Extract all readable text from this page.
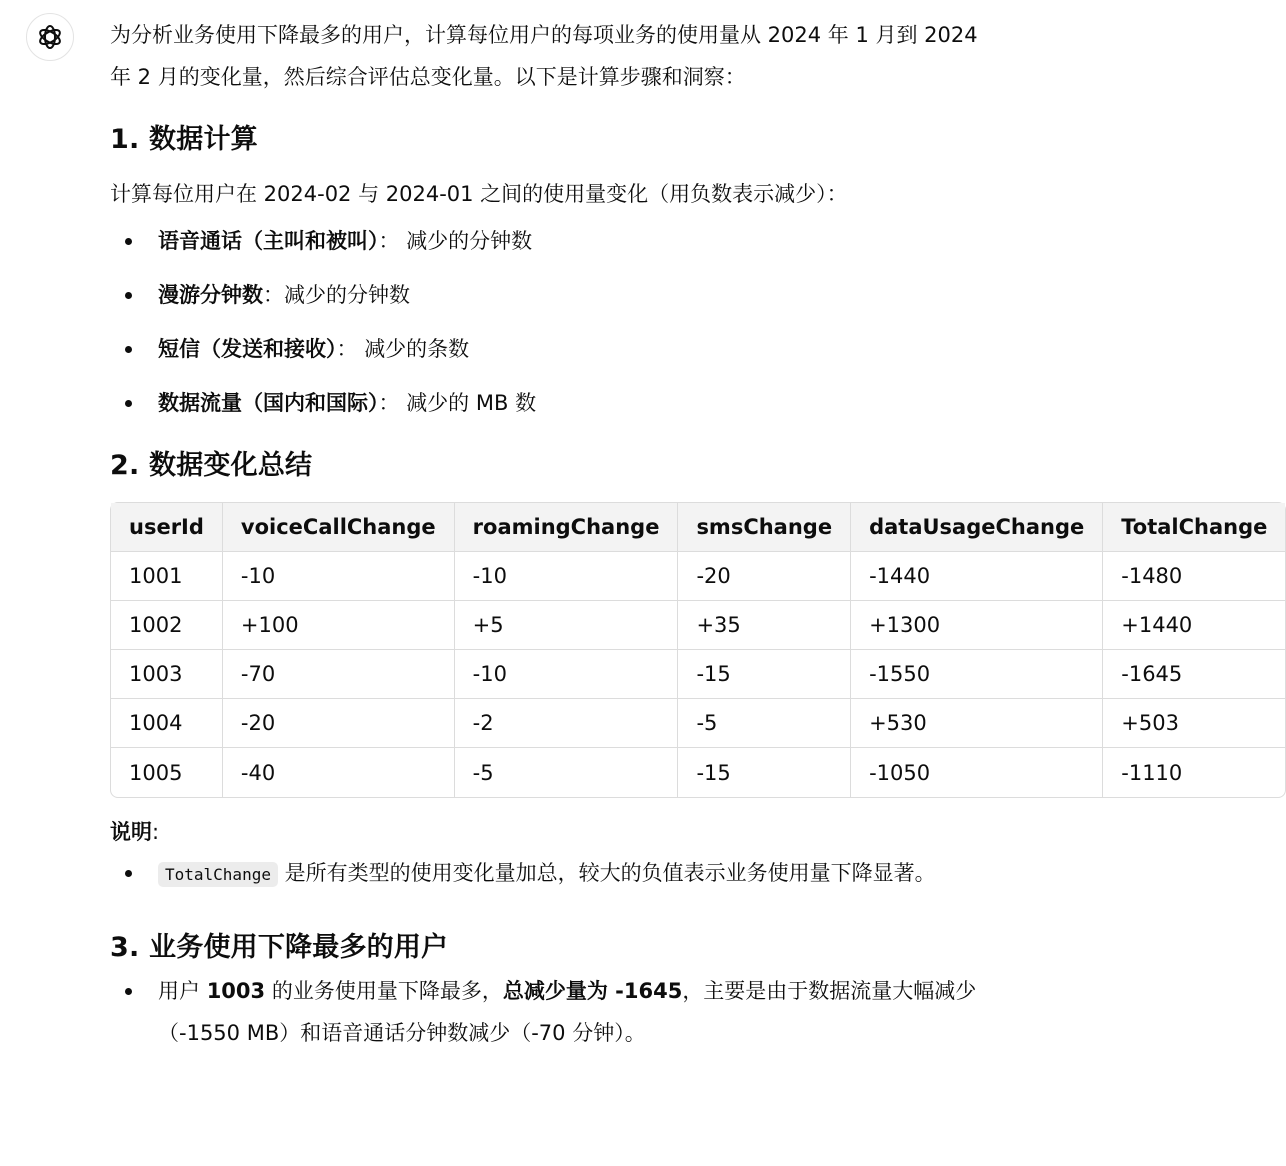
为分析业务使用下降最多的用户，计算每位用户的每项业务的使用量从 2024 年 1 月到 2024 年 2 月的变化量，然后综合评估总变化量。以下是计算步骤和洞察：

1. 数据计算

计算每位用户在 2024-02 与 2024-01 之间的使用量变化（用负数表示减少）：

语音通话（主叫和被叫）： 减少的分钟数
漫游分钟数：减少的分钟数
短信（发送和接收）： 减少的条数
数据流量（国内和国际）： 减少的 MB 数
2. 数据变化总结
userId	voiceCallChange	roamingChange	smsChange	dataUsageChange	TotalChange
1001	-10	-10	-20	-1440	-1480
1002	+100	+5	+35	+1300	+1440
1003	-70	-10	-15	-1550	-1645
1004	-20	-2	-5	+530	+503
1005	-40	-5	-15	-1050	-1110

说明:

TotalChange 是所有类型的使用变化量加总，较大的负值表示业务使用量下降显著。
3. 业务使用下降最多的用户
用户 1003 的业务使用量下降最多，总减少量为 -1645，主要是由于数据流量大幅减少（-1550 MB）和语音通话分钟数减少（-70 分钟）。
